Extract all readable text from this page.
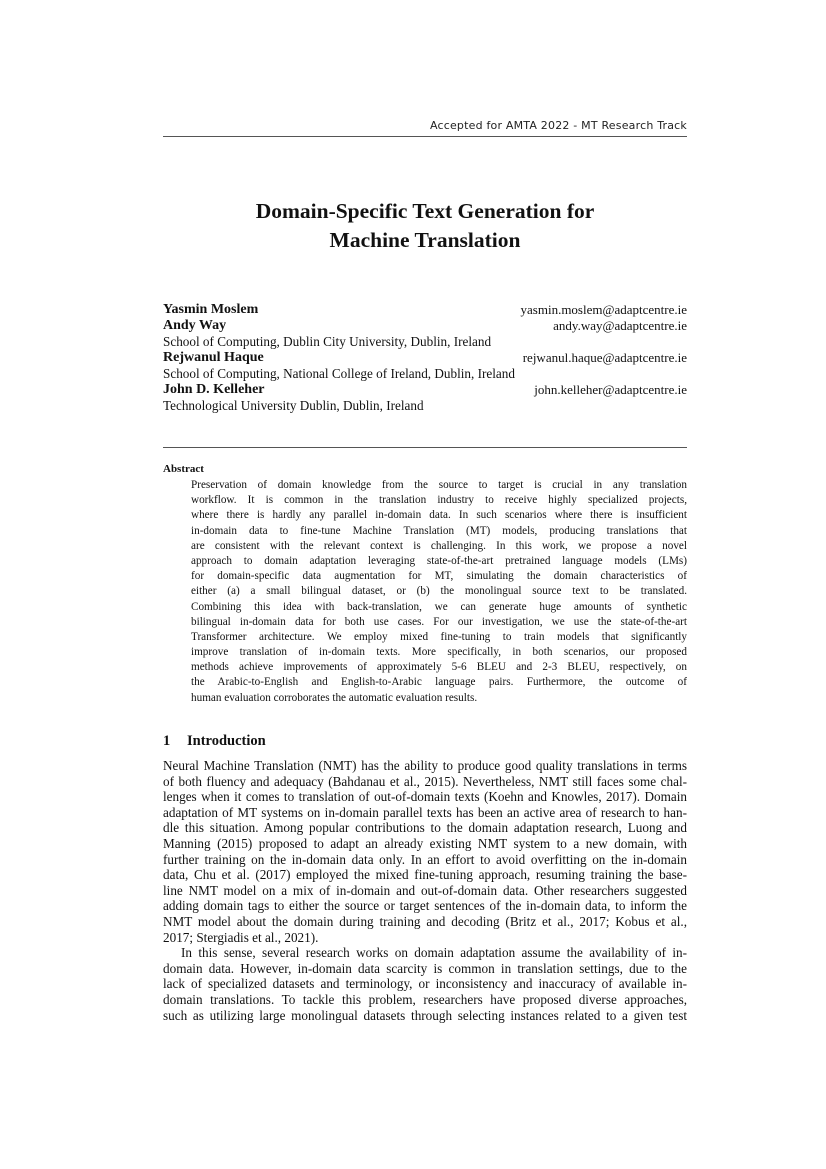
Accepted for AMTA 2022 - MT Research Track
Domain-Specific Text Generation for
Machine Translation
Yasmin Moslem	yasmin.moslem@adaptcentre.ie
Andy Way	andy.way@adaptcentre.ie
School of Computing, Dublin City University, Dublin, Ireland
Rejwanul Haque	rejwanul.haque@adaptcentre.ie
School of Computing, National College of Ireland, Dublin, Ireland
John D. Kelleher	john.kelleher@adaptcentre.ie
Technological University Dublin, Dublin, Ireland
Abstract
Preservation of domain knowledge from the source to target is crucial in any translation
workflow. It is common in the translation industry to receive highly specialized projects,
where there is hardly any parallel in-domain data. In such scenarios where there is insufficient
in-domain data to fine-tune Machine Translation (MT) models, producing translations that
are consistent with the relevant context is challenging. In this work, we propose a novel
approach to domain adaptation leveraging state-of-the-art pretrained language models (LMs)
for domain-specific data augmentation for MT, simulating the domain characteristics of
either (a) a small bilingual dataset, or (b) the monolingual source text to be translated.
Combining this idea with back-translation, we can generate huge amounts of synthetic
bilingual in-domain data for both use cases. For our investigation, we use the state-of-the-art
Transformer architecture. We employ mixed fine-tuning to train models that significantly
improve translation of in-domain texts. More specifically, in both scenarios, our proposed
methods achieve improvements of approximately 5-6 BLEU and 2-3 BLEU, respectively, on
the Arabic-to-English and English-to-Arabic language pairs. Furthermore, the outcome of
human evaluation corroborates the automatic evaluation results.
1 Introduction
Neural Machine Translation (NMT) has the ability to produce good quality translations in terms
of both fluency and adequacy (Bahdanau et al., 2015). Nevertheless, NMT still faces some chal-
lenges when it comes to translation of out-of-domain texts (Koehn and Knowles, 2017). Domain
adaptation of MT systems on in-domain parallel texts has been an active area of research to han-
dle this situation. Among popular contributions to the domain adaptation research, Luong and
Manning (2015) proposed to adapt an already existing NMT system to a new domain, with
further training on the in-domain data only. In an effort to avoid overfitting on the in-domain
data, Chu et al. (2017) employed the mixed fine-tuning approach, resuming training the base-
line NMT model on a mix of in-domain and out-of-domain data. Other researchers suggested
adding domain tags to either the source or target sentences of the in-domain data, to inform the
NMT model about the domain during training and decoding (Britz et al., 2017; Kobus et al.,
2017; Stergiadis et al., 2021).
In this sense, several research works on domain adaptation assume the availability of in-
domain data. However, in-domain data scarcity is common in translation settings, due to the
lack of specialized datasets and terminology, or inconsistency and inaccuracy of available in-
domain translations. To tackle this problem, researchers have proposed diverse approaches,
such as utilizing large monolingual datasets through selecting instances related to a given test
